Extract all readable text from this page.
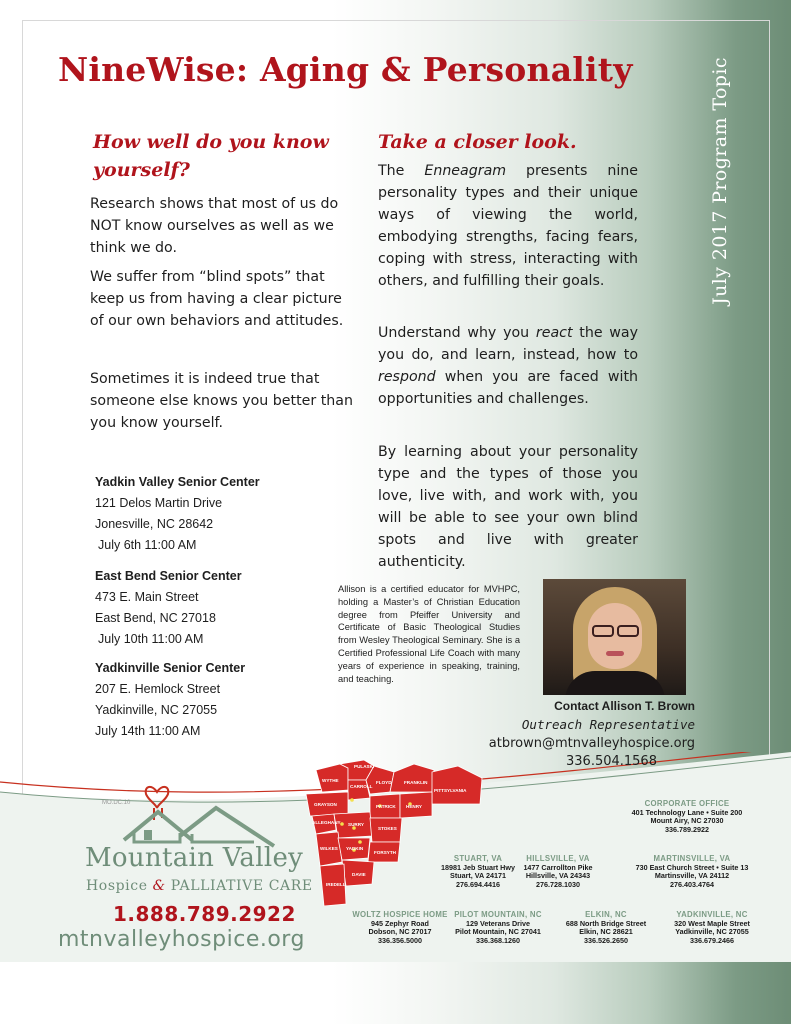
NineWise: Aging & Personality	July 2017 Program Topic
How well do you know yourself?

Research shows that most of us do NOT know ourselves as well as we think we do.

We suffer from “blind spots” that keep us from having a clear picture of our own behaviors and attitudes.

Sometimes it is indeed true that someone else knows you better than you know yourself.

Take a closer look.

The Enneagram presents nine personality types and their unique ways of viewing the world, embodying strengths, facing fears, coping with stress, interacting with others, and fulfilling their goals.

Understand why you react the way you do, and learn, instead, how to respond when you are faced with opportunities and challenges.

By learning about your personality type and the types of those you love, live with, and work with, you will be able to see your own blind spots and live with greater authenticity.

Yadkin Valley Senior Center
121 Delos Martin Drive
Jonesville, NC 28642
July 6th 11:00 AM
East Bend Senior Center
473 E. Main Street
East Bend, NC 27018
July 10th 11:00 AM
Yadkinville Senior Center
207 E. Hemlock Street
Yadkinville, NC 27055
July 14th 11:00 AM

Allison is a certified educator for MVHPC, holding a Master’s of Christian Education degree from Pfeiffer University and Certificate of Basic Theological Studies from Wesley Theological Seminary. She is a Certified Professional Life Coach with many years of experience in speaking, training, and teaching.

Contact Allison T. Brown
Outreach Representative
atbrown@mtnvalleyhospice.org
336.504.1568
MO.DC.10
Mountain Valley
Hospice & PALLIATIVE CARE
1.888.789.2922
mtnvalleyhospice.org
PULASKI
WYTHE
CARROLL
FLOYD	FRANKLIN
PITTSYLVANIA
GRAYSON	PATRICK HENRY
ALLEGHANY SURRY
STOKES
WILKES YADKIN
FORSYTH
DAVIE
IREDELL
CORPORATE OFFICE
401 Technology Lane • Suite 200
Mount Airy, NC 27030
336.789.2922
STUART, VA
18981 Jeb Stuart Hwy
Stuart, VA 24171
276.694.4416
HILLSVILLE, VA
1477 Carrollton Pike
Hillsville, VA 24343
276.728.1030
MARTINSVILLE, VA
730 East Church Street • Suite 13
Martinsville, VA 24112
276.403.4764
WOLTZ HOSPICE HOME
945 Zephyr Road
Dobson, NC 27017
336.356.5000
PILOT MOUNTAIN, NC
129 Veterans Drive
Pilot Mountain, NC 27041
336.368.1260
ELKIN, NC
688 North Bridge Street
Elkin, NC 28621
336.526.2650
YADKINVILLE, NC
320 West Maple Street
Yadkinville, NC 27055
336.679.2466
